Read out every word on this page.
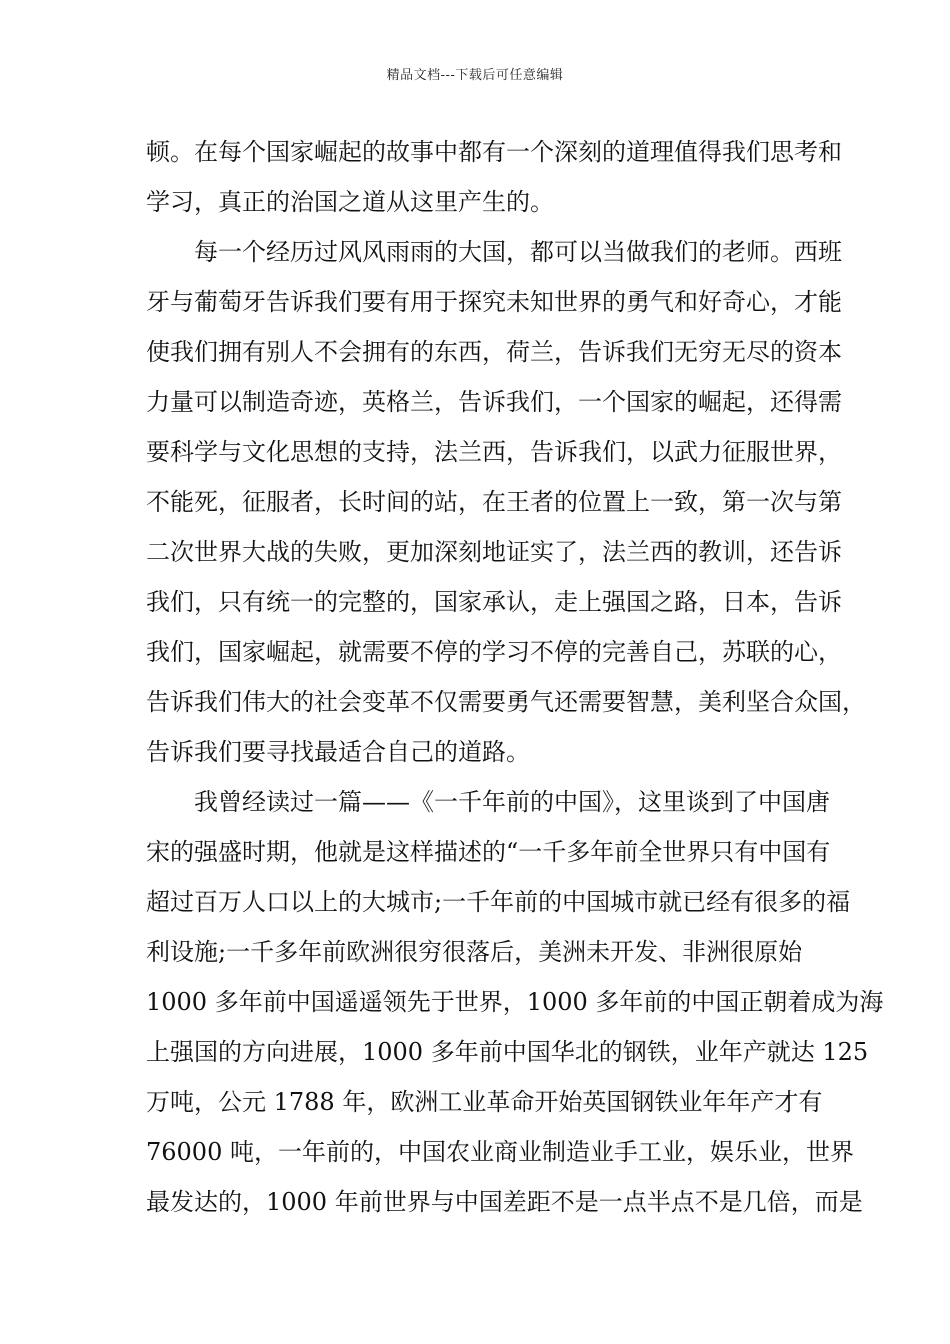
精品文档---下载后可任意编辑
顿。在每个国家崛起的故事中都有一个深刻的道理值得我们思考和
学习，真正的治国之道从这里产生的。
每一个经历过风风雨雨的大国，都可以当做我们的老师。西班
牙与葡萄牙告诉我们要有用于探究未知世界的勇气和好奇心，才能
使我们拥有别人不会拥有的东西，荷兰，告诉我们无穷无尽的资本
力量可以制造奇迹，英格兰，告诉我们，一个国家的崛起，还得需
要科学与文化思想的支持，法兰西，告诉我们，以武力征服世界，
不能死，征服者，长时间的站，在王者的位置上一致，第一次与第
二次世界大战的失败，更加深刻地证实了，法兰西的教训，还告诉
我们，只有统一的完整的，国家承认，走上强国之路，日本，告诉
我们，国家崛起，就需要不停的学习不停的完善自己，苏联的心，
告诉我们伟大的社会变革不仅需要勇气还需要智慧，美利坚合众国，
告诉我们要寻找最适合自己的道路。
我曾经读过一篇——《一千年前的中国》，这里谈到了中国唐
宋的强盛时期，他就是这样描述的“一千多年前全世界只有中国有
超过百万人口以上的大城市;一千年前的中国城市就已经有很多的福
利设施;一千多年前欧洲很穷很落后，美洲未开发、非洲很原始
1000 多年前中国遥遥领先于世界，1000 多年前的中国正朝着成为海
上强国的方向进展，1000 多年前中国华北的钢铁，业年产就达 125
万吨，公元 1788 年，欧洲工业革命开始英国钢铁业年年产才有
76000 吨，一年前的，中国农业商业制造业手工业，娱乐业，世界
最发达的，1000 年前世界与中国差距不是一点半点不是几倍，而是
